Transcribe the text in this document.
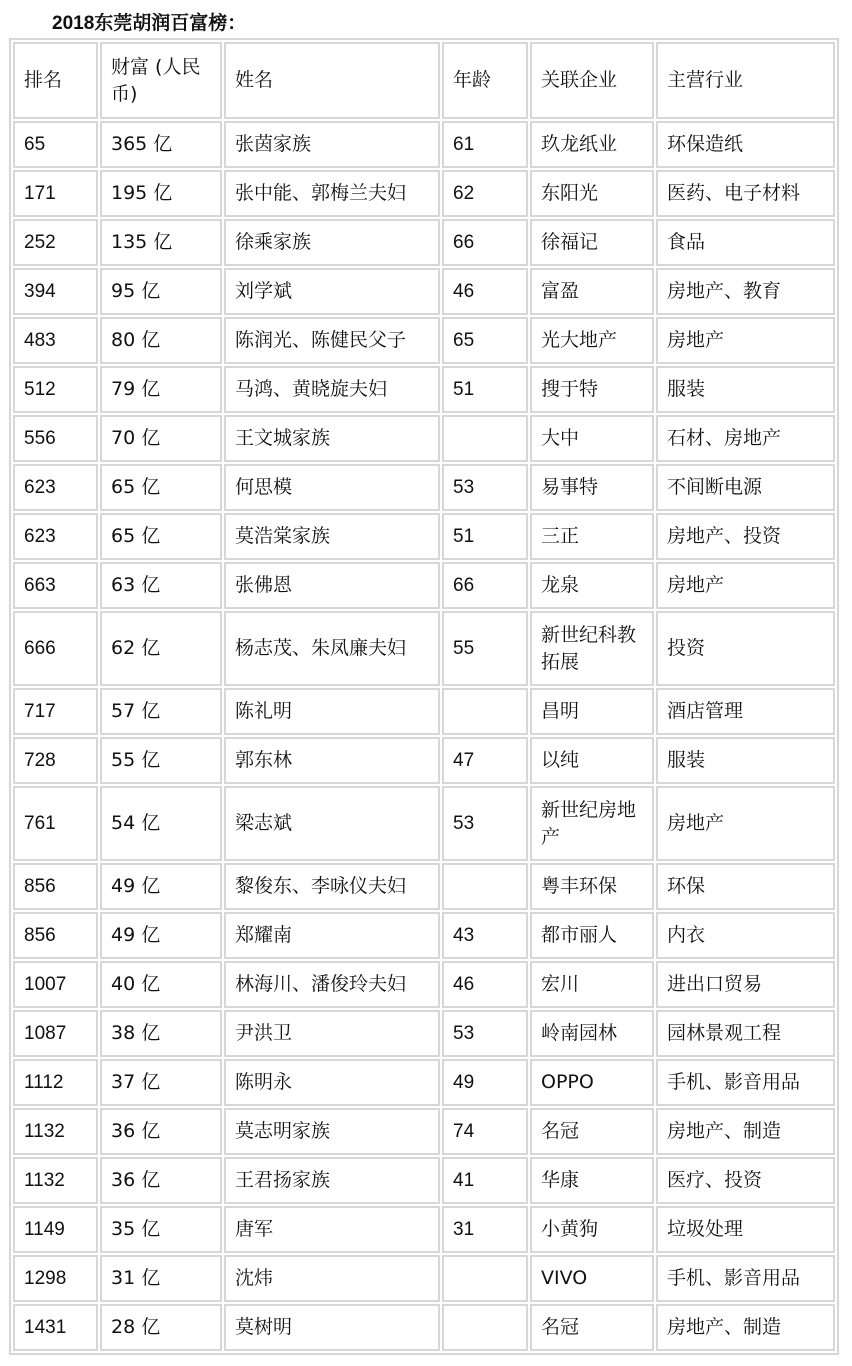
2018东莞胡润百富榜：
排名	财富 (人民币)	姓名	年龄	关联企业	主营行业
65	365 亿	张茵家族	61	玖龙纸业	环保造纸
171	195 亿	张中能、郭梅兰夫妇	62	东阳光	医药、电子材料
252	135 亿	徐乘家族	66	徐福记	食品
394	95 亿	刘学斌	46	富盈	房地产、教育
483	80 亿	陈润光、陈健民父子	65	光大地产	房地产
512	79 亿	马鸿、黄晓旋夫妇	51	搜于特	服装
556	70 亿	王文城家族		大中	石材、房地产
623	65 亿	何思模	53	易事特	不间断电源
623	65 亿	莫浩棠家族	51	三正	房地产、投资
663	63 亿	张佛恩	66	龙泉	房地产
666	62 亿	杨志茂、朱凤廉夫妇	55	新世纪科教拓展	投资
717	57 亿	陈礼明		昌明	酒店管理
728	55 亿	郭东林	47	以纯	服装
761	54 亿	梁志斌	53	新世纪房地产	房地产
856	49 亿	黎俊东、李咏仪夫妇		粤丰环保	环保
856	49 亿	郑耀南	43	都市丽人	内衣
1007	40 亿	林海川、潘俊玲夫妇	46	宏川	进出口贸易
1087	38 亿	尹洪卫	53	岭南园林	园林景观工程
1112	37 亿	陈明永	49	OPPO	手机、影音用品
1132	36 亿	莫志明家族	74	名冠	房地产、制造
1132	36 亿	王君扬家族	41	华康	医疗、投资
1149	35 亿	唐军	31	小黄狗	垃圾处理
1298	31 亿	沈炜		VIVO	手机、影音用品
1431	28 亿	莫树明		名冠	房地产、制造
